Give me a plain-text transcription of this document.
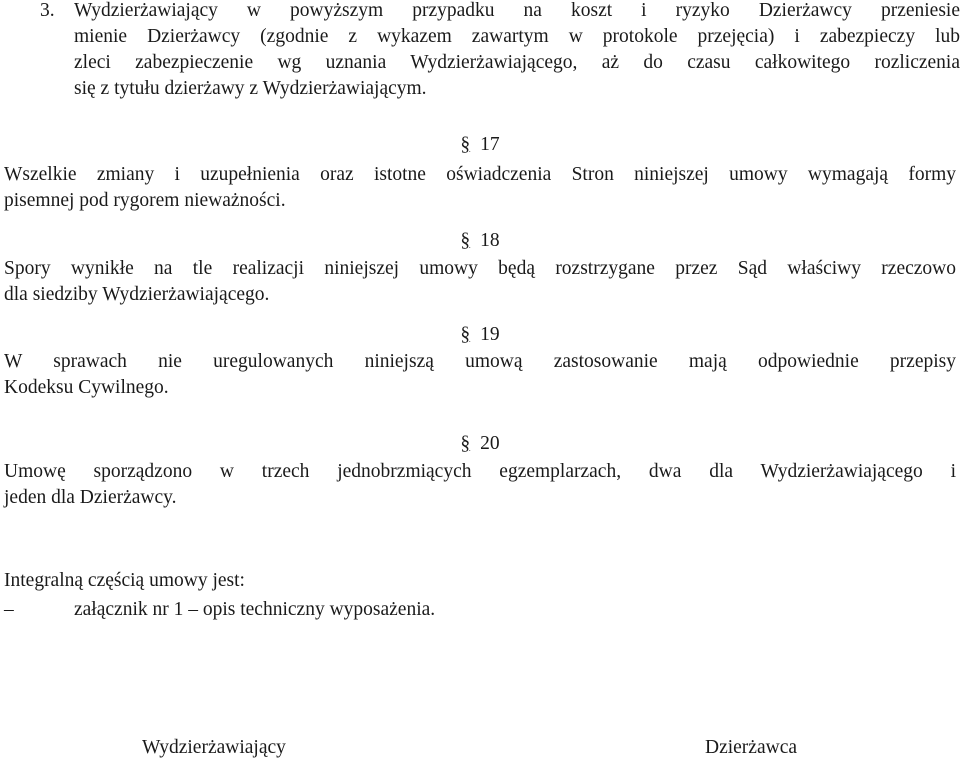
3. Wydzierżawiający w powyższym przypadku na koszt i ryzyko Dzierżawcy przeniesie
mienie Dzierżawcy (zgodnie z wykazem zawartym w protokole przejęcia) i zabezpieczy lub
zleci zabezpieczenie wg uznania Wydzierżawiającego, aż do czasu całkowitego rozliczenia
się z tytułu dzierżawy z Wydzierżawiającym.
§ 17
Wszelkie zmiany i uzupełnienia oraz istotne oświadczenia Stron niniejszej umowy wymagają formy
pisemnej pod rygorem nieważności.
§ 18
Spory wynikłe na tle realizacji niniejszej umowy będą rozstrzygane przez Sąd właściwy rzeczowo
dla siedziby Wydzierżawiającego.
§ 19
W sprawach nie uregulowanych niniejszą umową zastosowanie mają odpowiednie przepisy
Kodeksu Cywilnego.
§ 20
Umowę sporządzono w trzech jednobrzmiących egzemplarzach, dwa dla Wydzierżawiającego i
jeden dla Dzierżawcy.
Integralną częścią umowy jest:
–	załącznik nr 1 – opis techniczny wyposażenia.
Wydzierżawiający	Dzierżawca
